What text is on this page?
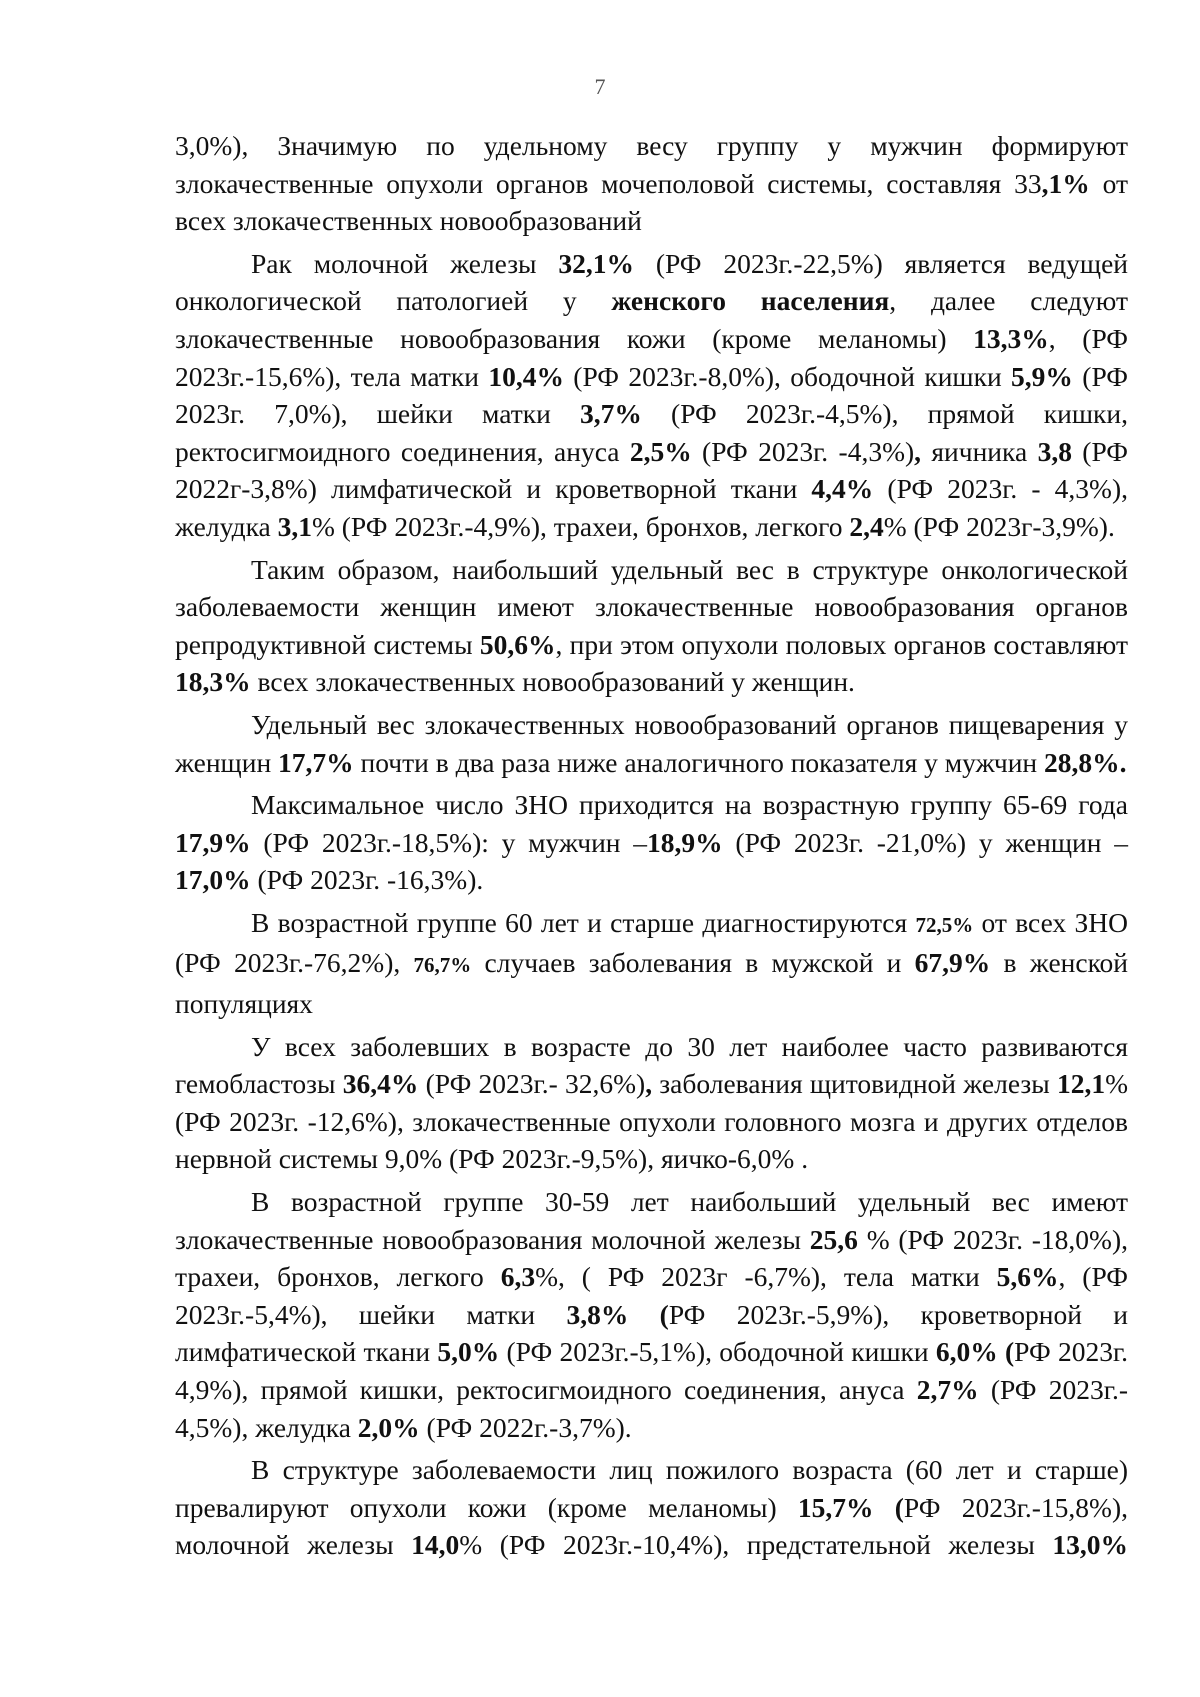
7

3,0%), Значимую по удельному весу группу у мужчин формируют злокачественные опухоли органов мочеполовой системы, составляя 33,1% от всех злокачественных новообразований

Рак молочной железы 32,1% (РФ 2023г.-22,5%) является ведущей онкологической патологией у женского населения, далее следуют злокачественные новообразования кожи (кроме меланомы) 13,3%, (РФ 2023г.-15,6%), тела матки 10,4% (РФ 2023г.-8,0%), ободочной кишки 5,9% (РФ 2023г. 7,0%), шейки матки 3,7% (РФ 2023г.-4,5%), прямой кишки, ректосигмоидного соединения, ануса 2,5% (РФ 2023г. -4,3%), яичника 3,8 (РФ 2022г-3,8%) лимфатической и кроветворной ткани 4,4% (РФ 2023г. - 4,3%), желудка 3,1% (РФ 2023г.-4,9%), трахеи, бронхов, легкого 2,4% (РФ 2023г-3,9%).

Таким образом, наибольший удельный вес в структуре онкологической заболеваемости женщин имеют злокачественные новообразования органов репродуктивной системы 50,6%, при этом опухоли половых органов составляют 18,3% всех злокачественных новообразований у женщин.

Удельный вес злокачественных новообразований органов пищеварения у женщин 17,7% почти в два раза ниже аналогичного показателя у мужчин 28,8%.

Максимальное число ЗНО приходится на возрастную группу 65-69 года 17,9% (РФ 2023г.-18,5%): у мужчин –18,9% (РФ 2023г. -21,0%) у женщин – 17,0% (РФ 2023г. -16,3%).

В возрастной группе 60 лет и старше диагностируются 72,5% от всех ЗНО (РФ 2023г.-76,2%), 76,7% случаев заболевания в мужской и 67,9% в женской популяциях

У всех заболевших в возрасте до 30 лет наиболее часто развиваются гемобластозы 36,4% (РФ 2023г.- 32,6%), заболевания щитовидной железы 12,1% (РФ 2023г. -12,6%), злокачественные опухоли головного мозга и других отделов нервной системы 9,0% (РФ 2023г.-9,5%), яичко-6,0% .

В возрастной группе 30-59 лет наибольший удельный вес имеют злокачественные новообразования молочной железы 25,6 % (РФ 2023г. -18,0%), трахеи, бронхов, легкого 6,3%, ( РФ 2023г -6,7%), тела матки 5,6%, (РФ 2023г.-5,4%), шейки матки 3,8% (РФ 2023г.-5,9%), кроветворной и лимфатической ткани 5,0% (РФ 2023г.-5,1%), ободочной кишки 6,0% (РФ 2023г. 4,9%), прямой кишки, ректосигмоидного соединения, ануса 2,7% (РФ 2023г.- 4,5%), желудка 2,0% (РФ 2022г.-3,7%).

В структуре заболеваемости лиц пожилого возраста (60 лет и старше) превалируют опухоли кожи (кроме меланомы) 15,7% (РФ 2023г.-15,8%), молочной железы 14,0% (РФ 2023г.-10,4%), предстательной железы 13,0%
